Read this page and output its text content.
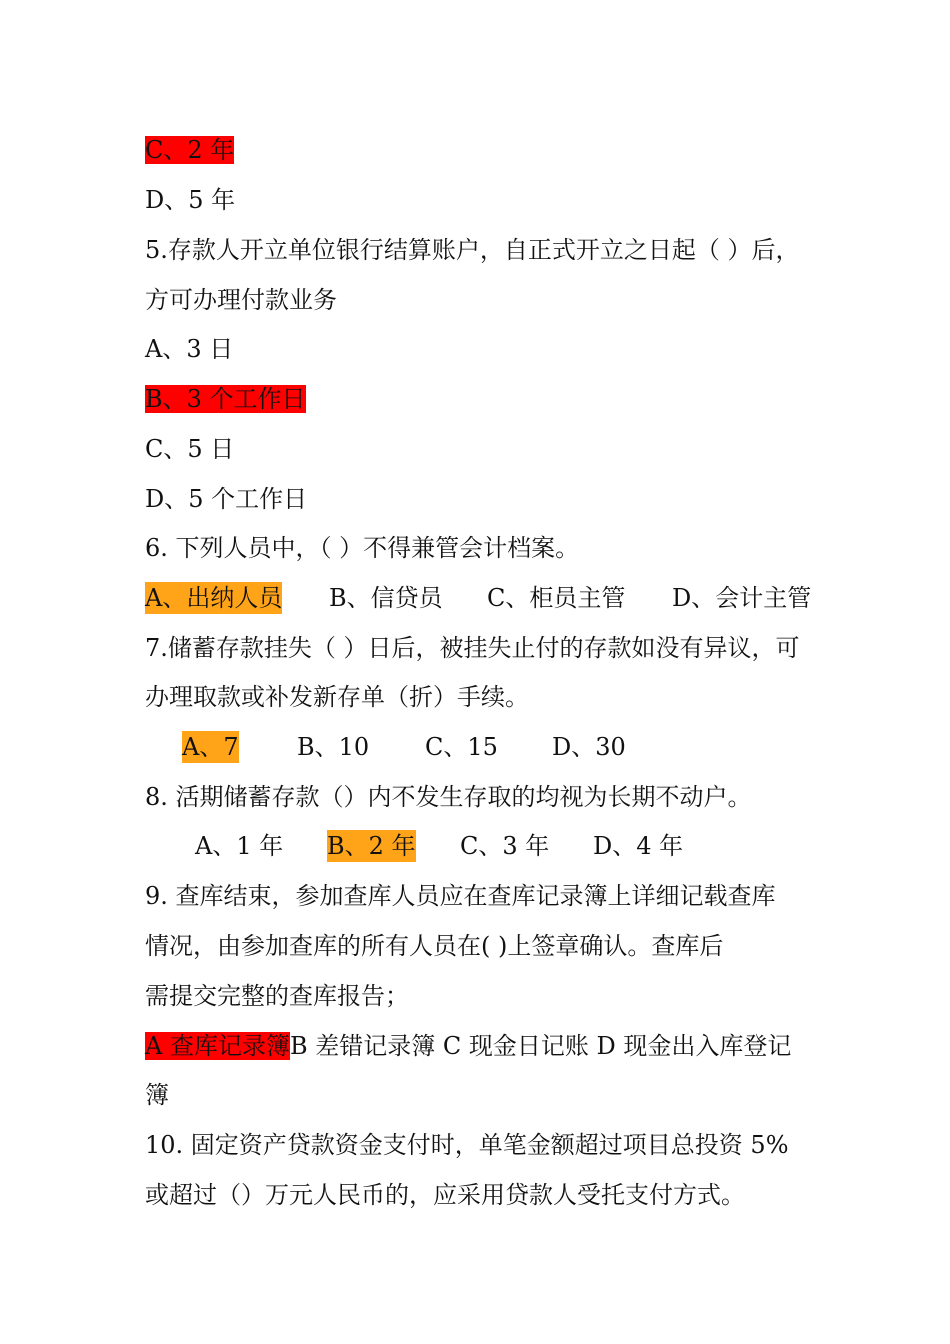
C、2 年
D、5 年
5.存款人开立单位银行结算账户，自正式开立之日起（ ）后，
方可办理付款业务
A、3 日
B、3 个工作日
C、5 日
D、5 个工作日
6. 下列人员中，（ ）不得兼管会计档案。
A、出纳人员 B、信贷员 C、柜员主管 D、会计主管
7.储蓄存款挂失（ ）日后，被挂失止付的存款如没有异议，可
办理取款或补发新存单（折）手续。
A、7 B、10 C、15 D、30
8. 活期储蓄存款（）内不发生存取的均视为长期不动户。
A、1 年 B、2 年 C、3 年 D、4 年
9. 查库结束，参加查库人员应在查库记录簿上详细记载查库
情况，由参加查库的所有人员在( )上签章确认。查库后
需提交完整的查库报告；
A 查库记录簿B 差错记录簿 C 现金日记账 D 现金出入库登记
簿
10. 固定资产贷款资金支付时，单笔金额超过项目总投资 5%
或超过（）万元人民币的，应采用贷款人受托支付方式。
